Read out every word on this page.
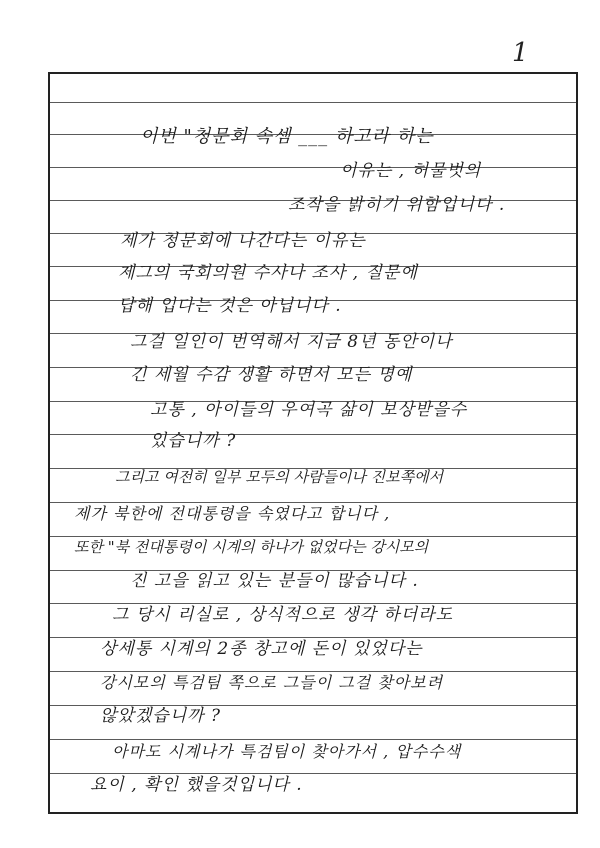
1
이번 "청문회 속셈 ___ 하고라 하는
이유는 , 허물벗의
조작을 밝히기 위함입니다 .
제가 청문회에 나간다는 이유는
제그의 국회의원 수사나 조사 , 질문에
답해 입다는 것은 아닙니다 .
그걸 일인이 번역해서 지금 8년 동안이나
긴 세월 수감 생활 하면서 모든 명예
고통 , 아이들의 우여곡 삶이 보상받을수
있습니까 ?
그리고 여전히 일부 모두의 사람들이나 진보쪽에서
제가 북한에 전대통령을 속였다고 합니다 ,
또한 "북 전대통령이 시계의 하나가 없었다는 강시모의
진 고을 읽고 있는 분들이 많습니다 .
그 당시 리실로 , 상식적으로 생각 하더라도
상세통 시계의 2종 창고에 돈이 있었다는
강시모의 특검팀 쪽으로 그들이 그걸 찾아보려
않았겠습니까 ?
아마도 시계나가 특검팀이 찾아가서 , 압수수색
요이 , 확인 했을것입니다 .
